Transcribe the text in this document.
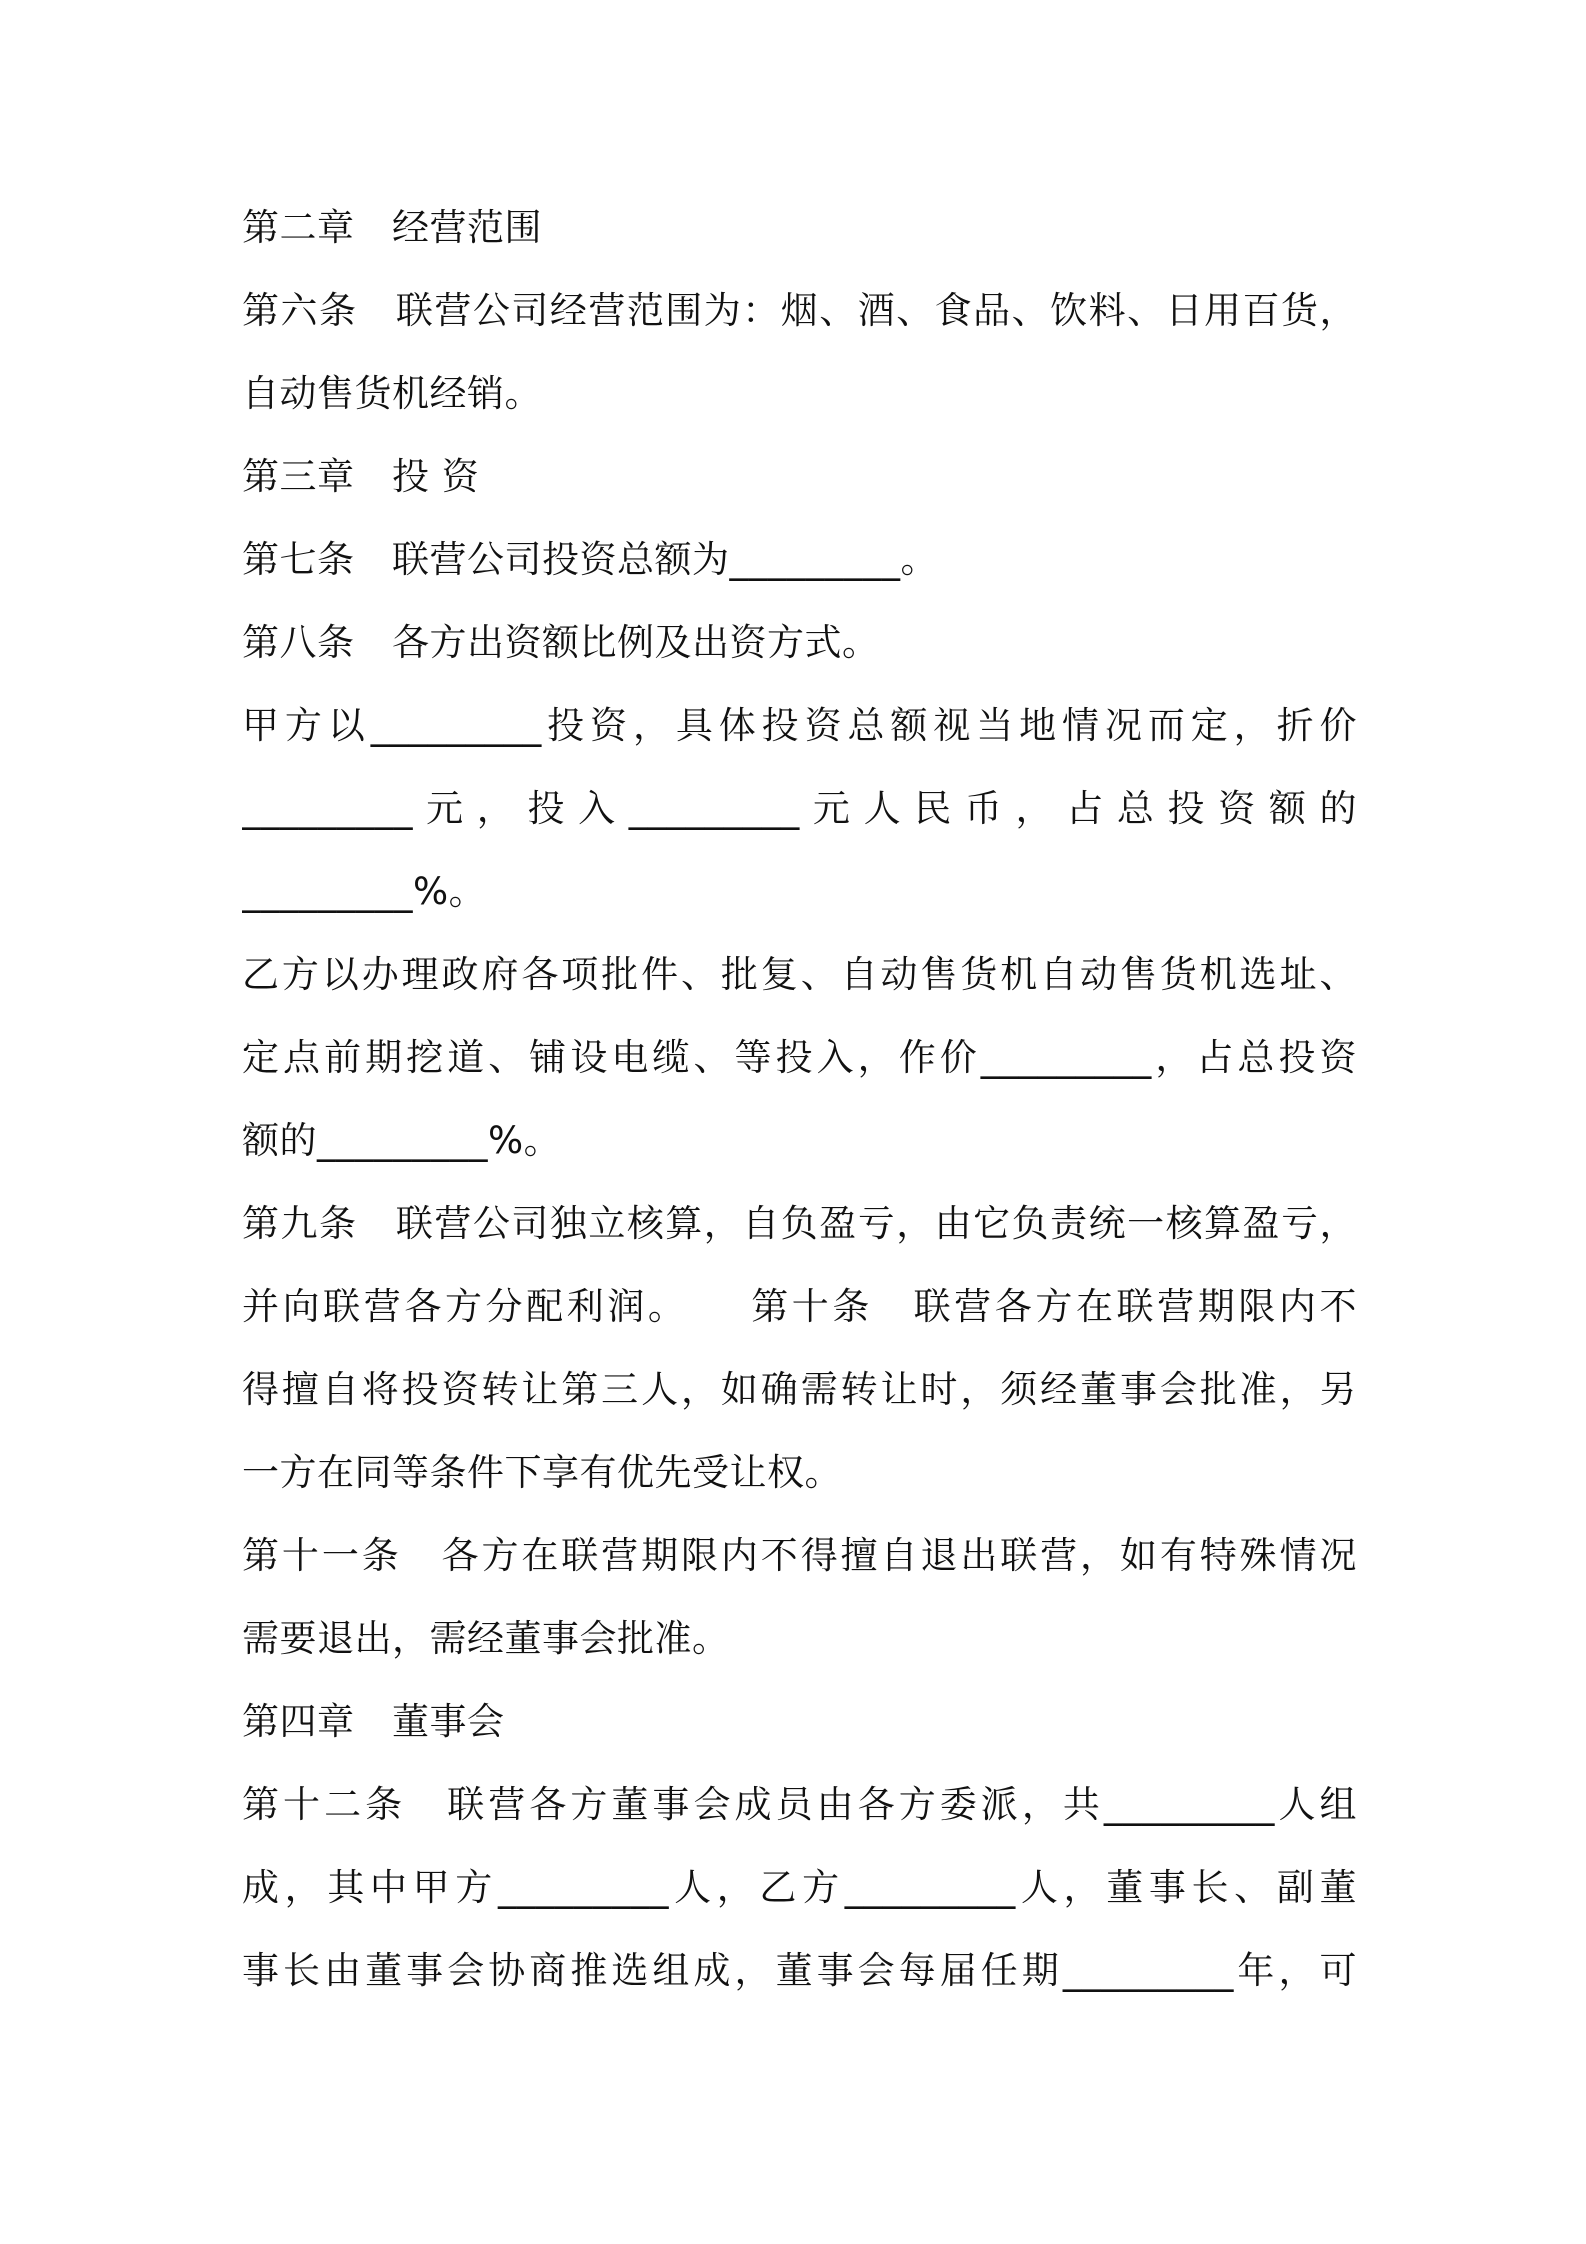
第二章　经营范围
第六条　联营公司经营范围为：烟、酒、食品、饮料、日用百货，
自动售货机经销。
第三章　投 资
第七条　联营公司投资总额为_________。
第八条　各方出资额比例及出资方式。
甲方以_________投资，具体投资总额视当地情况而定，折价
_________元，投入_________元人民币，占总投资额的
_________%。
乙方以办理政府各项批件、批复、自动售货机自动售货机选址、
定点前期挖道、铺设电缆、等投入，作价_________，占总投资
额的_________%。
第九条　联营公司独立核算，自负盈亏，由它负责统一核算盈亏，
并向联营各方分配利润。　　第十条　联营各方在联营期限内不
得擅自将投资转让第三人，如确需转让时，须经董事会批准，另
一方在同等条件下享有优先受让权。
第十一条　各方在联营期限内不得擅自退出联营，如有特殊情况
需要退出，需经董事会批准。
第四章　董事会
第十二条　联营各方董事会成员由各方委派，共_________人组
成，其中甲方_________人，乙方_________人，董事长、副董
事长由董事会协商推选组成，董事会每届任期_________年，可
